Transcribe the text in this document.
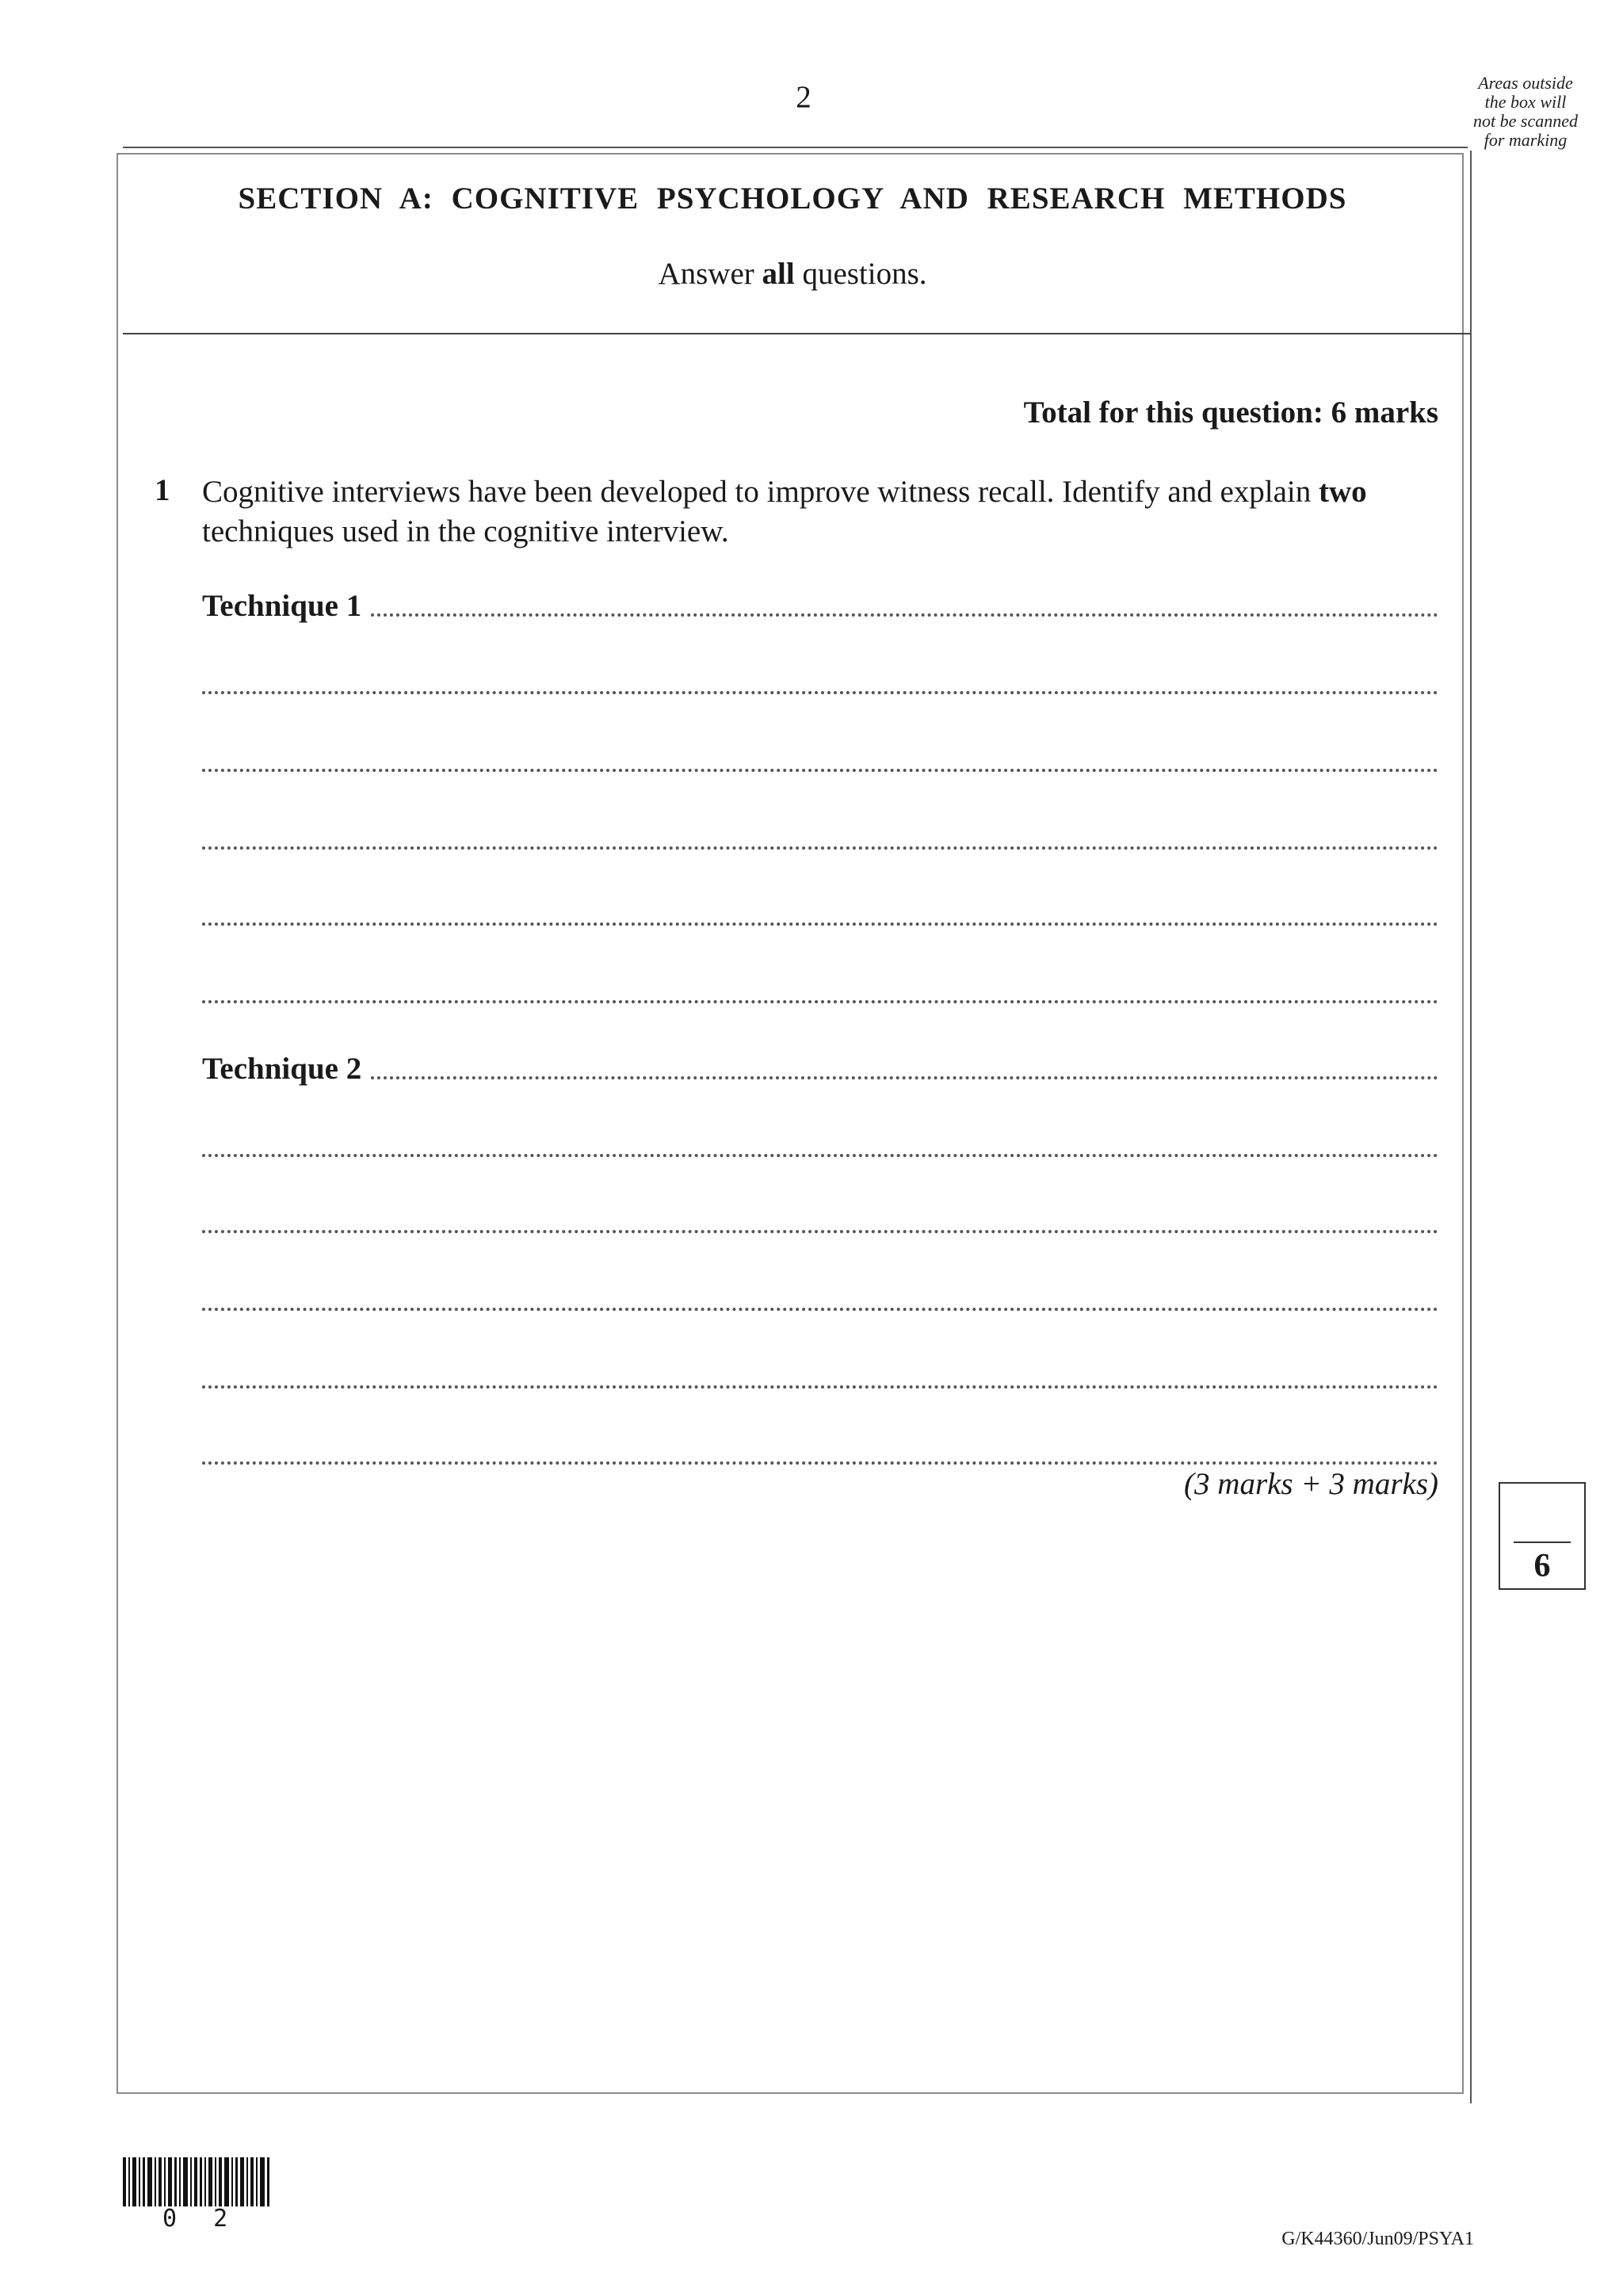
2	Areas outside
the box will
not be scanned
for marking
SECTION A: COGNITIVE PSYCHOLOGY AND RESEARCH METHODS
Answer all questions.
Total for this question: 6 marks
1 Cognitive interviews have been developed to improve witness recall. Identify and explain two techniques used in the cognitive interview.
Technique 1
Technique 2
(3 marks + 3 marks)
6
0 2
G/K44360/Jun09/PSYA1
